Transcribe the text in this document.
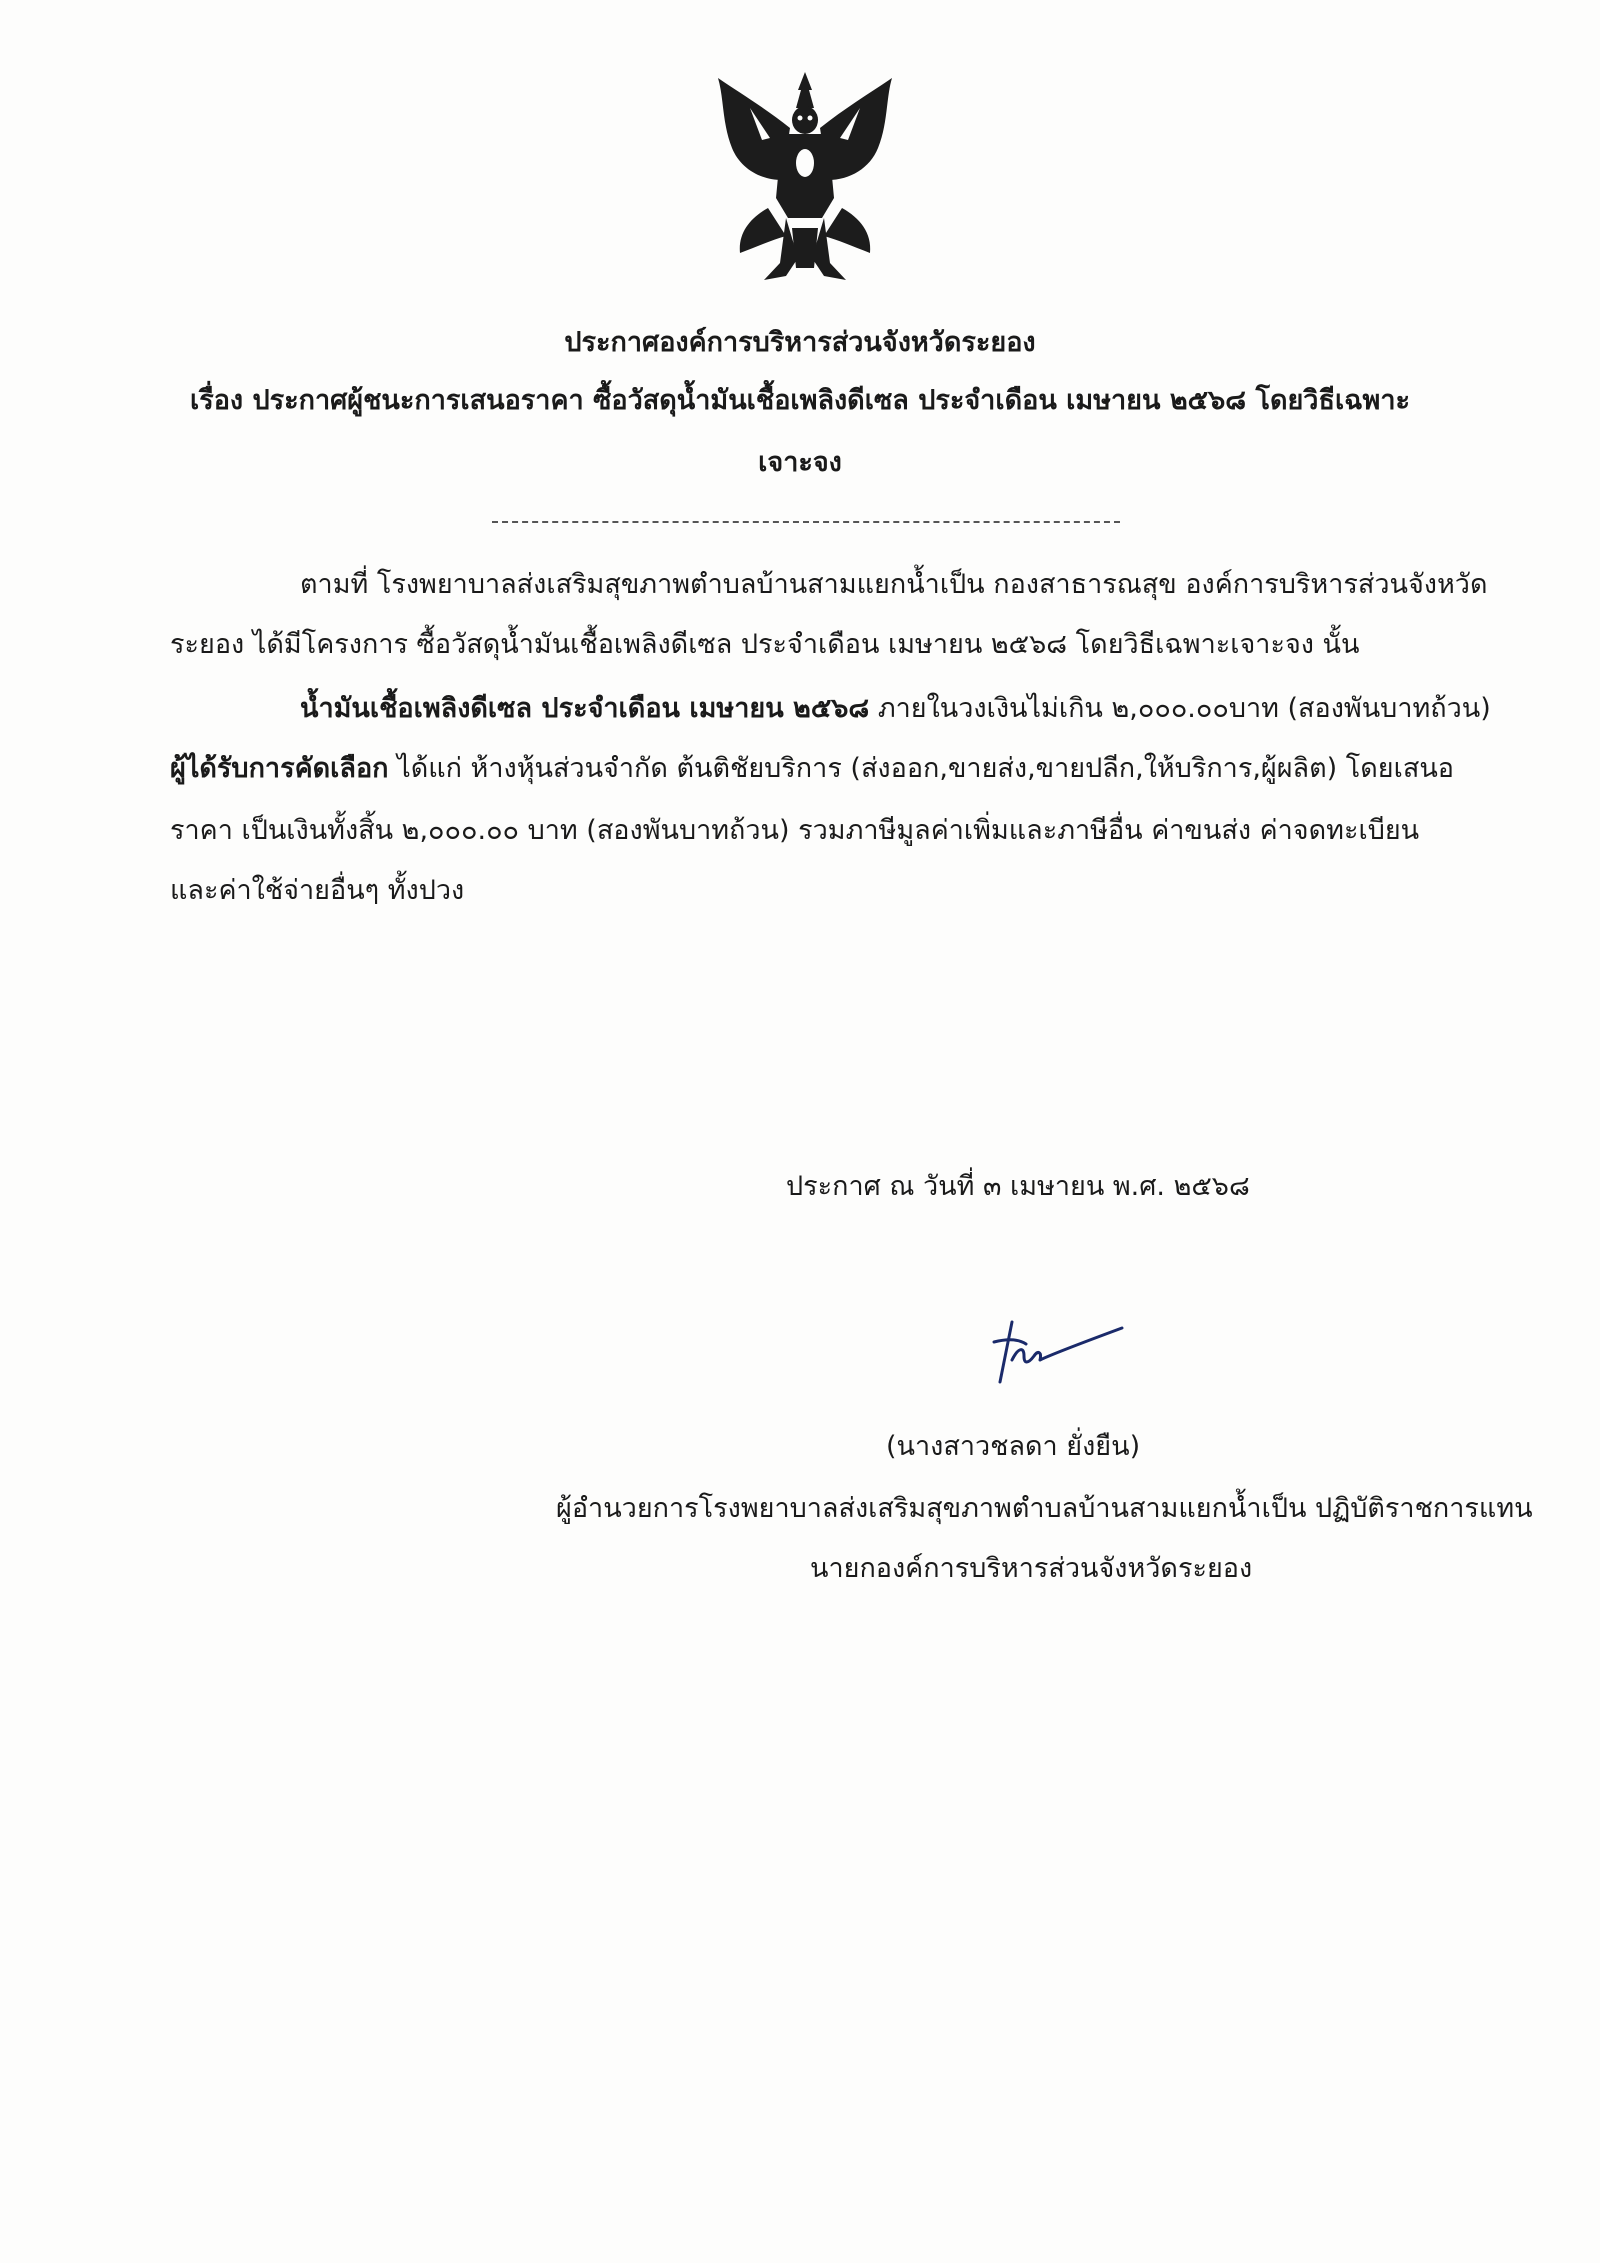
ประกาศองค์การบริหารส่วนจังหวัดระยอง
เรื่อง ประกาศผู้ชนะการเสนอราคา ซื้อวัสดุน้ำมันเชื้อเพลิงดีเซล ประจำเดือน เมษายน ๒๕๖๘ โดยวิธีเฉพาะ
เจาะจง
ตามที่ โรงพยาบาลส่งเสริมสุขภาพตำบลบ้านสามแยกน้ำเป็น กองสาธารณสุข องค์การบริหารส่วนจังหวัด
ระยอง ได้มีโครงการ ซื้อวัสดุน้ำมันเชื้อเพลิงดีเซล ประจำเดือน เมษายน ๒๕๖๘ โดยวิธีเฉพาะเจาะจง นั้น
น้ำมันเชื้อเพลิงดีเซล ประจำเดือน เมษายน ๒๕๖๘ ภายในวงเงินไม่เกิน ๒,๐๐๐.๐๐บาท (สองพันบาทถ้วน)
ผู้ได้รับการคัดเลือก ได้แก่ ห้างหุ้นส่วนจำกัด ต้นติชัยบริการ (ส่งออก,ขายส่ง,ขายปลีก,ให้บริการ,ผู้ผลิต) โดยเสนอ
ราคา เป็นเงินทั้งสิ้น ๒,๐๐๐.๐๐ บาท (สองพันบาทถ้วน) รวมภาษีมูลค่าเพิ่มและภาษีอื่น ค่าขนส่ง ค่าจดทะเบียน
และค่าใช้จ่ายอื่นๆ ทั้งปวง
ประกาศ ณ วันที่ ๓ เมษายน พ.ศ. ๒๕๖๘
(นางสาวชลดา ยั่งยืน)
ผู้อำนวยการโรงพยาบาลส่งเสริมสุขภาพตำบลบ้านสามแยกน้ำเป็น ปฏิบัติราชการแทน
นายกองค์การบริหารส่วนจังหวัดระยอง
